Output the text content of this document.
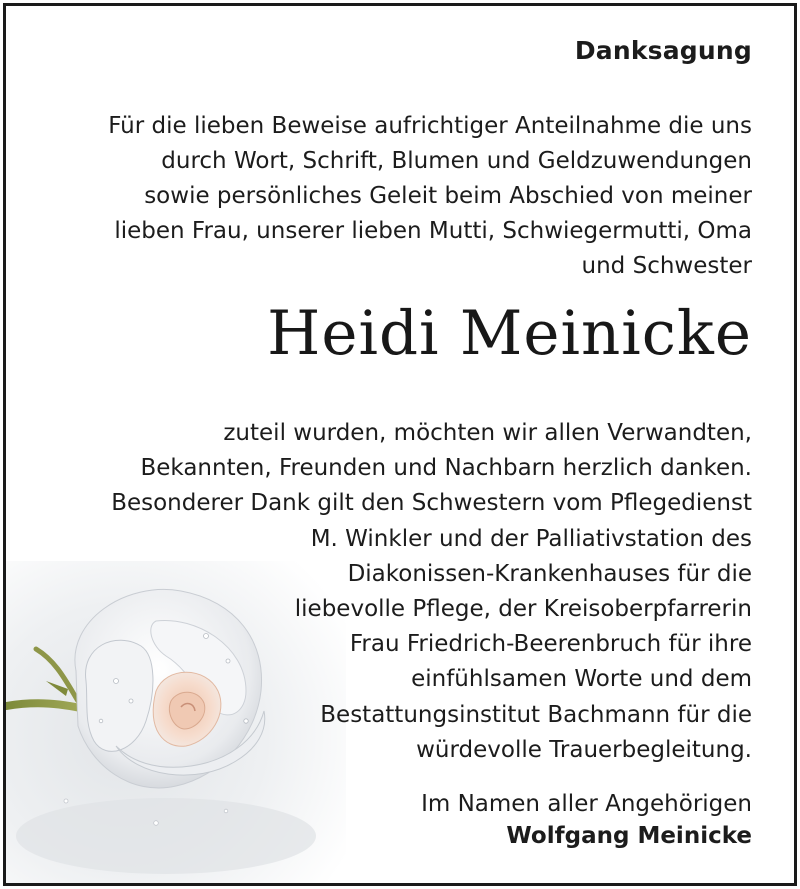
Danksagung
Für die lieben Beweise aufrichtiger Anteilnahme die uns
durch Wort, Schrift, Blumen und Geldzuwendungen
sowie persönliches Geleit beim Abschied von meiner
lieben Frau, unserer lieben Mutti, Schwiegermutti, Oma
und Schwester
Heidi Meinicke
zuteil wurden, möchten wir allen Verwandten,
Bekannten, Freunden und Nachbarn herzlich danken.
Besonderer Dank gilt den Schwestern vom Pflegedienst
M. Winkler und der Palliativstation des
Diakonissen-Krankenhauses für die
liebevolle Pflege, der Kreisoberpfarrerin
Frau Friedrich-Beerenbruch für ihre
einfühlsamen Worte und dem
Bestattungsinstitut Bachmann für die
würdevolle Trauerbegleitung.
Im Namen aller Angehörigen
Wolfgang Meinicke
